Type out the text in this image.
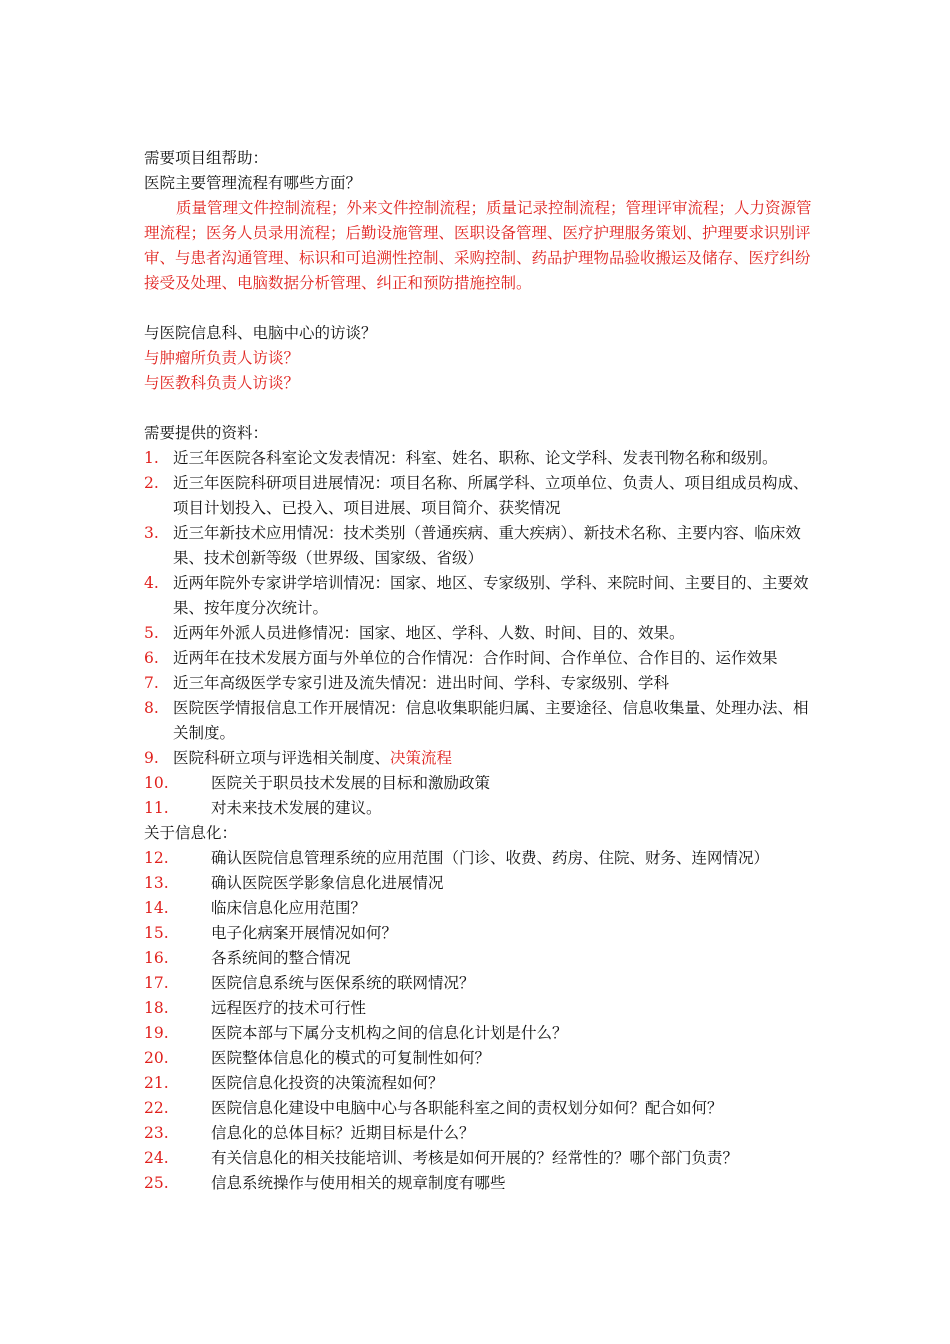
需要项目组帮助：
医院主要管理流程有哪些方面？
质量管理文件控制流程；外来文件控制流程；质量记录控制流程；管理评审流程；人力资源管理流程；医务人员录用流程；后勤设施管理、医职设备管理、医疗护理服务策划、护理要求识别评审、与患者沟通管理、标识和可追溯性控制、采购控制、药品护理物品验收搬运及储存、医疗纠纷接受及处理、电脑数据分析管理、纠正和预防措施控制。
与医院信息科、电脑中心的访谈？
与肿瘤所负责人访谈？
与医教科负责人访谈？
需要提供的资料：
1. 近三年医院各科室论文发表情况：科室、姓名、职称、论文学科、发表刊物名称和级别。
2. 近三年医院科研项目进展情况：项目名称、所属学科、立项单位、负责人、项目组成员构成、项目计划投入、已投入、项目进展、项目简介、获奖情况
3. 近三年新技术应用情况：技术类别（普通疾病、重大疾病）、新技术名称、主要内容、临床效果、技术创新等级（世界级、国家级、省级）
4. 近两年院外专家讲学培训情况：国家、地区、专家级别、学科、来院时间、主要目的、主要效果、按年度分次统计。
5. 近两年外派人员进修情况：国家、地区、学科、人数、时间、目的、效果。
6. 近两年在技术发展方面与外单位的合作情况：合作时间、合作单位、合作目的、运作效果
7. 近三年高级医学专家引进及流失情况：进出时间、学科、专家级别、学科
8. 医院医学情报信息工作开展情况：信息收集职能归属、主要途径、信息收集量、处理办法、相关制度。
9. 医院科研立项与评选相关制度、决策流程
10.	医院关于职员技术发展的目标和激励政策
11.	对未来技术发展的建议。
关于信息化：
12.	确认医院信息管理系统的应用范围（门诊、收费、药房、住院、财务、连网情况）
13.	确认医院医学影象信息化进展情况
14.	临床信息化应用范围？
15.	电子化病案开展情况如何？
16.	各系统间的整合情况
17.	医院信息系统与医保系统的联网情况？
18.	远程医疗的技术可行性
19.	医院本部与下属分支机构之间的信息化计划是什么？
20.	医院整体信息化的模式的可复制性如何？
21.	医院信息化投资的决策流程如何？
22.	医院信息化建设中电脑中心与各职能科室之间的责权划分如何？配合如何？
23.	信息化的总体目标？近期目标是什么？
24.	有关信息化的相关技能培训、考核是如何开展的？经常性的？哪个部门负责？
25.	信息系统操作与使用相关的规章制度有哪些
